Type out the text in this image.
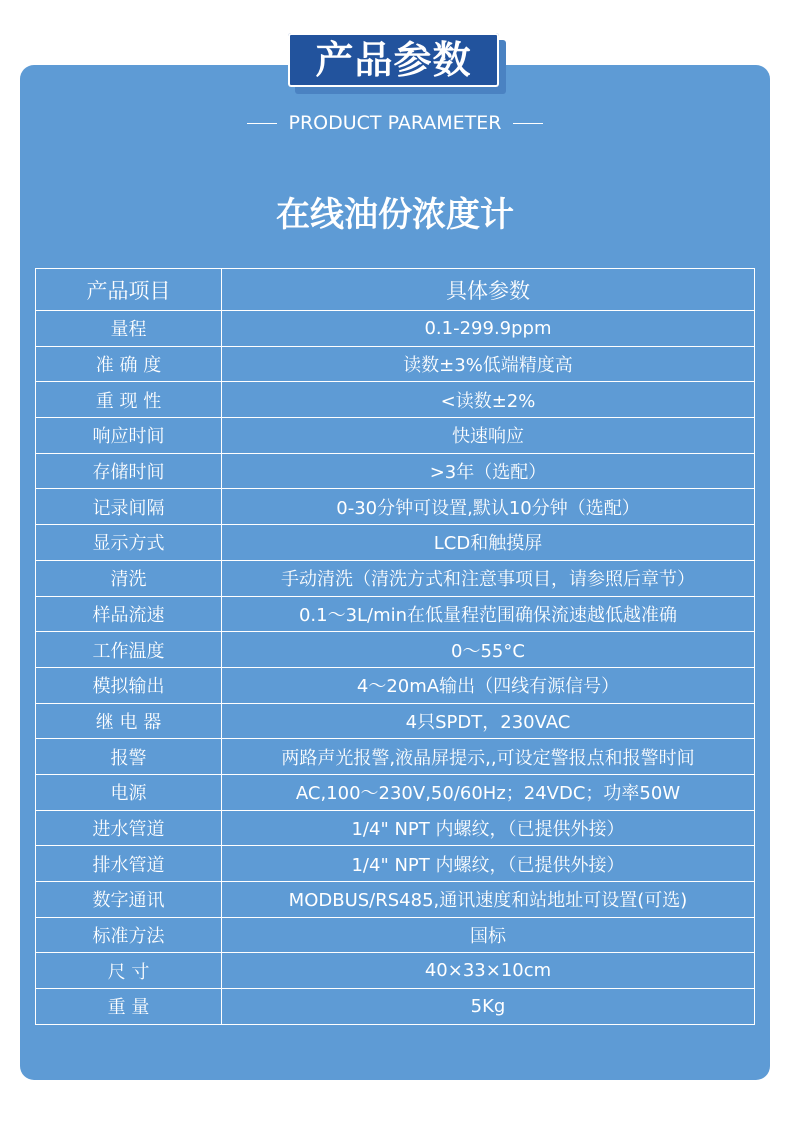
产品参数
PRODUCT PARAMETER
在线油份浓度计
产品项目	具体参数
量程	0.1-299.9ppm
准 确 度	读数±3%低端精度高
重 现 性	<读数±2%
响应时间	快速响应
存储时间	>3年（选配）
记录间隔	0-30分钟可设置,默认10分钟（选配）
显示方式	LCD和触摸屏
清洗	手动清洗（清洗方式和注意事项目，请参照后章节）
样品流速	0.1～3L/min在低量程范围确保流速越低越准确
工作温度	0～55°C
模拟输出	4～20mA输出（四线有源信号）
继 电 器	4只SPDT，230VAC
报警	两路声光报警,液晶屏提示,,可设定警报点和报警时间
电源	AC,100～230V,50/60Hz；24VDC；功率50W
进水管道	1/4" NPT 内螺纹，（已提供外接）
排水管道	1/4" NPT 内螺纹，（已提供外接）
数字通讯	MODBUS/RS485,通讯速度和站地址可设置(可选)
标准方法	国标
尺 寸	40×33×10cm
重 量	5Kg
